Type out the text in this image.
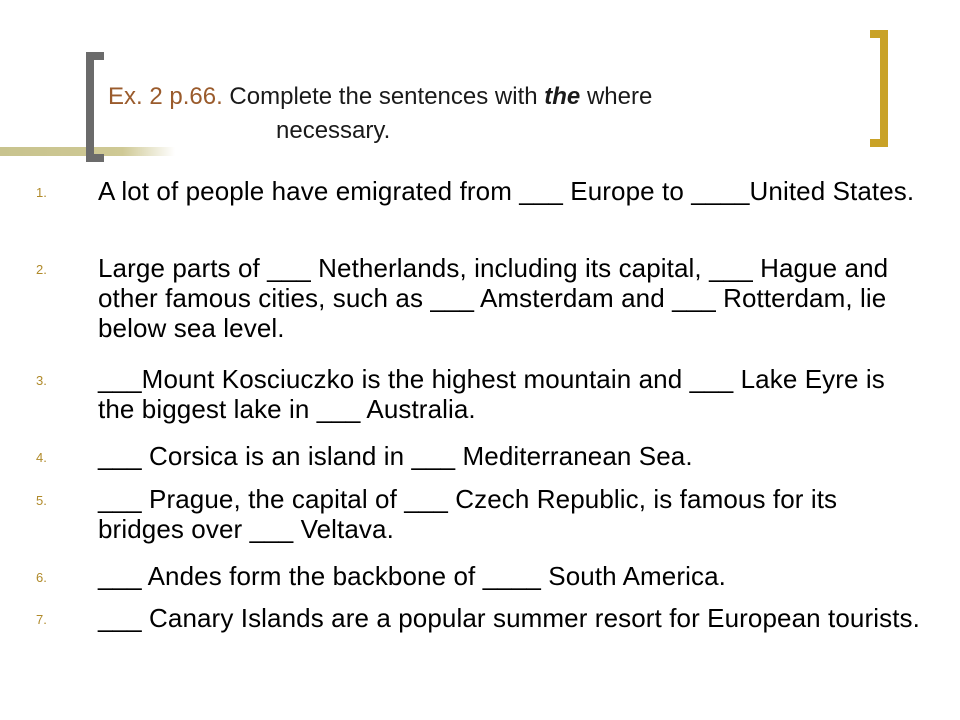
Ex. 2 p.66. Complete the sentences with the where
necessary.
1. A lot of people have emigrated from ___ Europe to ____United States.
2. Large parts of ___ Netherlands, including its capital, ___ Hague and other famous cities, such as ___ Amsterdam and ___ Rotterdam, lie below sea level.
3. ___Mount Kosciuczko is the highest mountain and ___ Lake Eyre is the biggest lake in ___ Australia.
4. ___ Corsica is an island in ___ Mediterranean Sea.
5. ___ Prague, the capital of ___ Czech Republic, is famous for its bridges over ___ Veltava.
6. ___ Andes form the backbone of ____ South America.
7. ___ Canary Islands are a popular summer resort for European tourists.
